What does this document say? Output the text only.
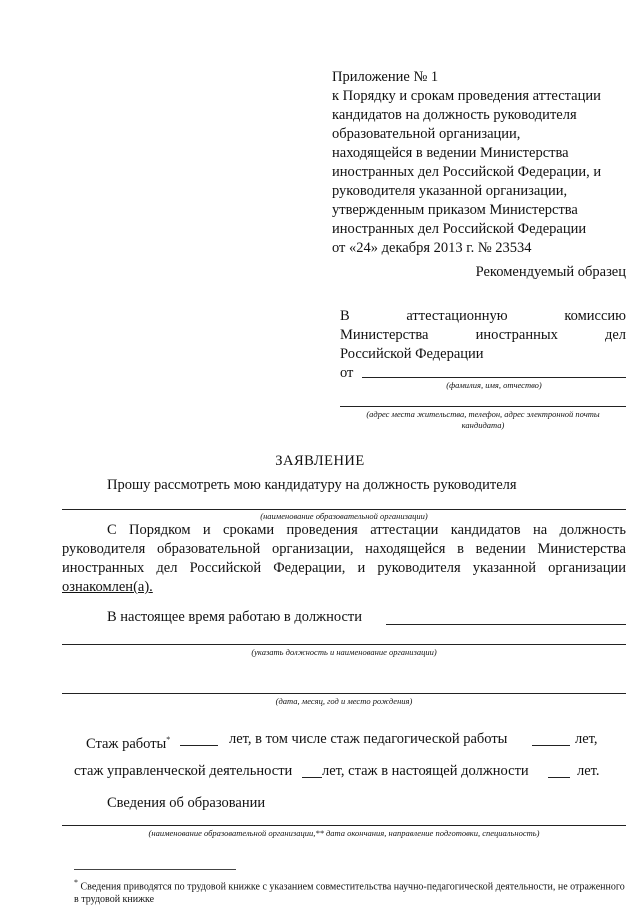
Приложение № 1
к Порядку и срокам проведения аттестации
кандидатов на должность руководителя
образовательной организации,
находящейся в ведении Министерства
иностранных дел Российской Федерации, и
руководителя указанной организации,
утвержденным приказом Министерства
иностранных дел Российской Федерации
от «24» декабря 2013 г. № 23534
Рекомендуемый образец
В	аттестационную	комиссию
Министерства	иностранных	дел
Российской Федерации
от
(фамилия, имя, отчество)
(адрес места жительства, телефон, адрес электронной почты
кандидата)
ЗАЯВЛЕНИЕ
Прошу рассмотреть мою кандидатуру на должность руководителя
(наименование образовательной организации)
С Порядком и сроками проведения аттестации кандидатов на должность руководителя образовательной организации, находящейся в ведении Министерства иностранных дел Российской Федерации, и руководителя указанной организации ознакомлен(а).
В настоящее время работаю в должности
(указать должность и наименование организации)
(дата, месяц, год и место рождения)
Стаж работы*	лет, в том числе стаж педагогической работы	лет,
стаж управленческой деятельности лет, стаж в настоящей должности	лет.
Сведения об образовании
(наименование образовательной организации,** дата окончания, направление подготовки, специальность)
* Сведения приводятся по трудовой книжке с указанием совместительства научно-педагогической деятельности, не отраженного в трудовой книжке
